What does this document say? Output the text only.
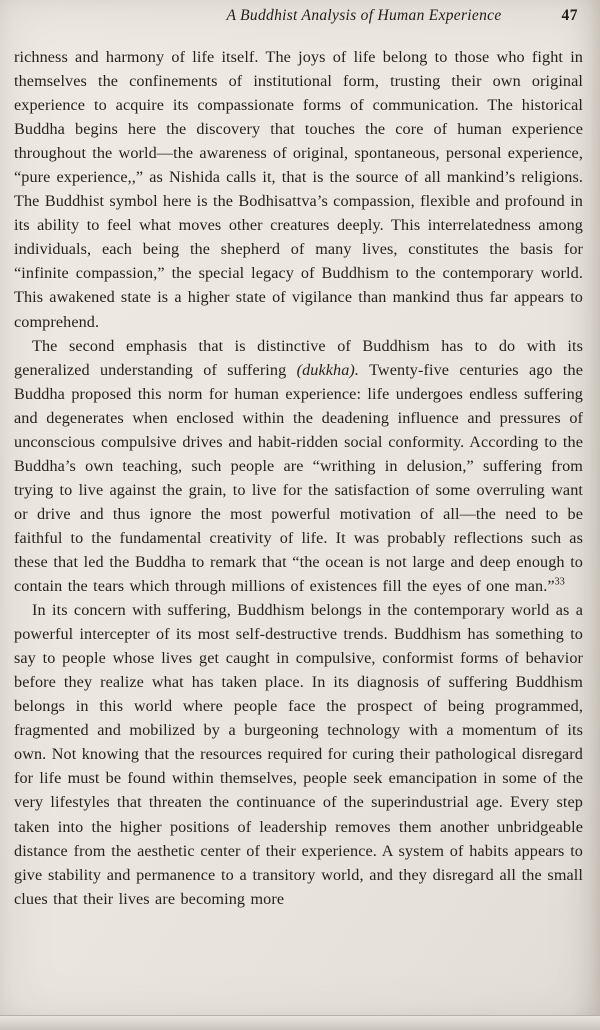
A Buddhist Analysis of Human Experience	47

richness and harmony of life itself. The joys of life belong to those who fight in themselves the confinements of institutional form, trusting their own original experience to acquire its compassionate forms of communication. The historical Buddha begins here the discovery that touches the core of human experience throughout the world—the awareness of original, spontaneous, personal experience, “pure experience,,” as Nishida calls it, that is the source of all mankind’s religions. The Buddhist symbol here is the Bodhisattva’s compassion, flexible and profound in its ability to feel what moves other creatures deeply. This interrelatedness among individuals, each being the shepherd of many lives, constitutes the basis for “infinite compassion,” the special legacy of Buddhism to the contemporary world. This awakened state is a higher state of vigilance than mankind thus far appears to comprehend.

The second emphasis that is distinctive of Buddhism has to do with its generalized understanding of suffering (dukkha). Twenty-five centuries ago the Buddha proposed this norm for human experience: life undergoes endless suffering and degenerates when enclosed within the deadening influence and pressures of unconscious compulsive drives and habit-ridden social conformity. According to the Buddha’s own teaching, such people are “writhing in delusion,” suffering from trying to live against the grain, to live for the satisfaction of some overruling want or drive and thus ignore the most powerful motivation of all—the need to be faithful to the fundamental creativity of life. It was probably reflections such as these that led the Buddha to remark that “the ocean is not large and deep enough to contain the tears which through millions of existences fill the eyes of one man.”$^{33}$

In its concern with suffering, Buddhism belongs in the contemporary world as a powerful intercepter of its most self-destructive trends. Buddhism has something to say to people whose lives get caught in compulsive, conformist forms of behavior before they realize what has taken place. In its diagnosis of suffering Buddhism belongs in this world where people face the prospect of being programmed, fragmented and mobilized by a burgeoning technology with a momentum of its own. Not knowing that the resources required for curing their pathological disregard for life must be found within themselves, people seek emancipation in some of the very lifestyles that threaten the continuance of the superindustrial age. Every step taken into the higher positions of leadership removes them another unbridgeable distance from the aesthetic center of their experience. A system of habits appears to give stability and permanence to a transitory world, and they disregard all the small clues that their lives are becoming more
